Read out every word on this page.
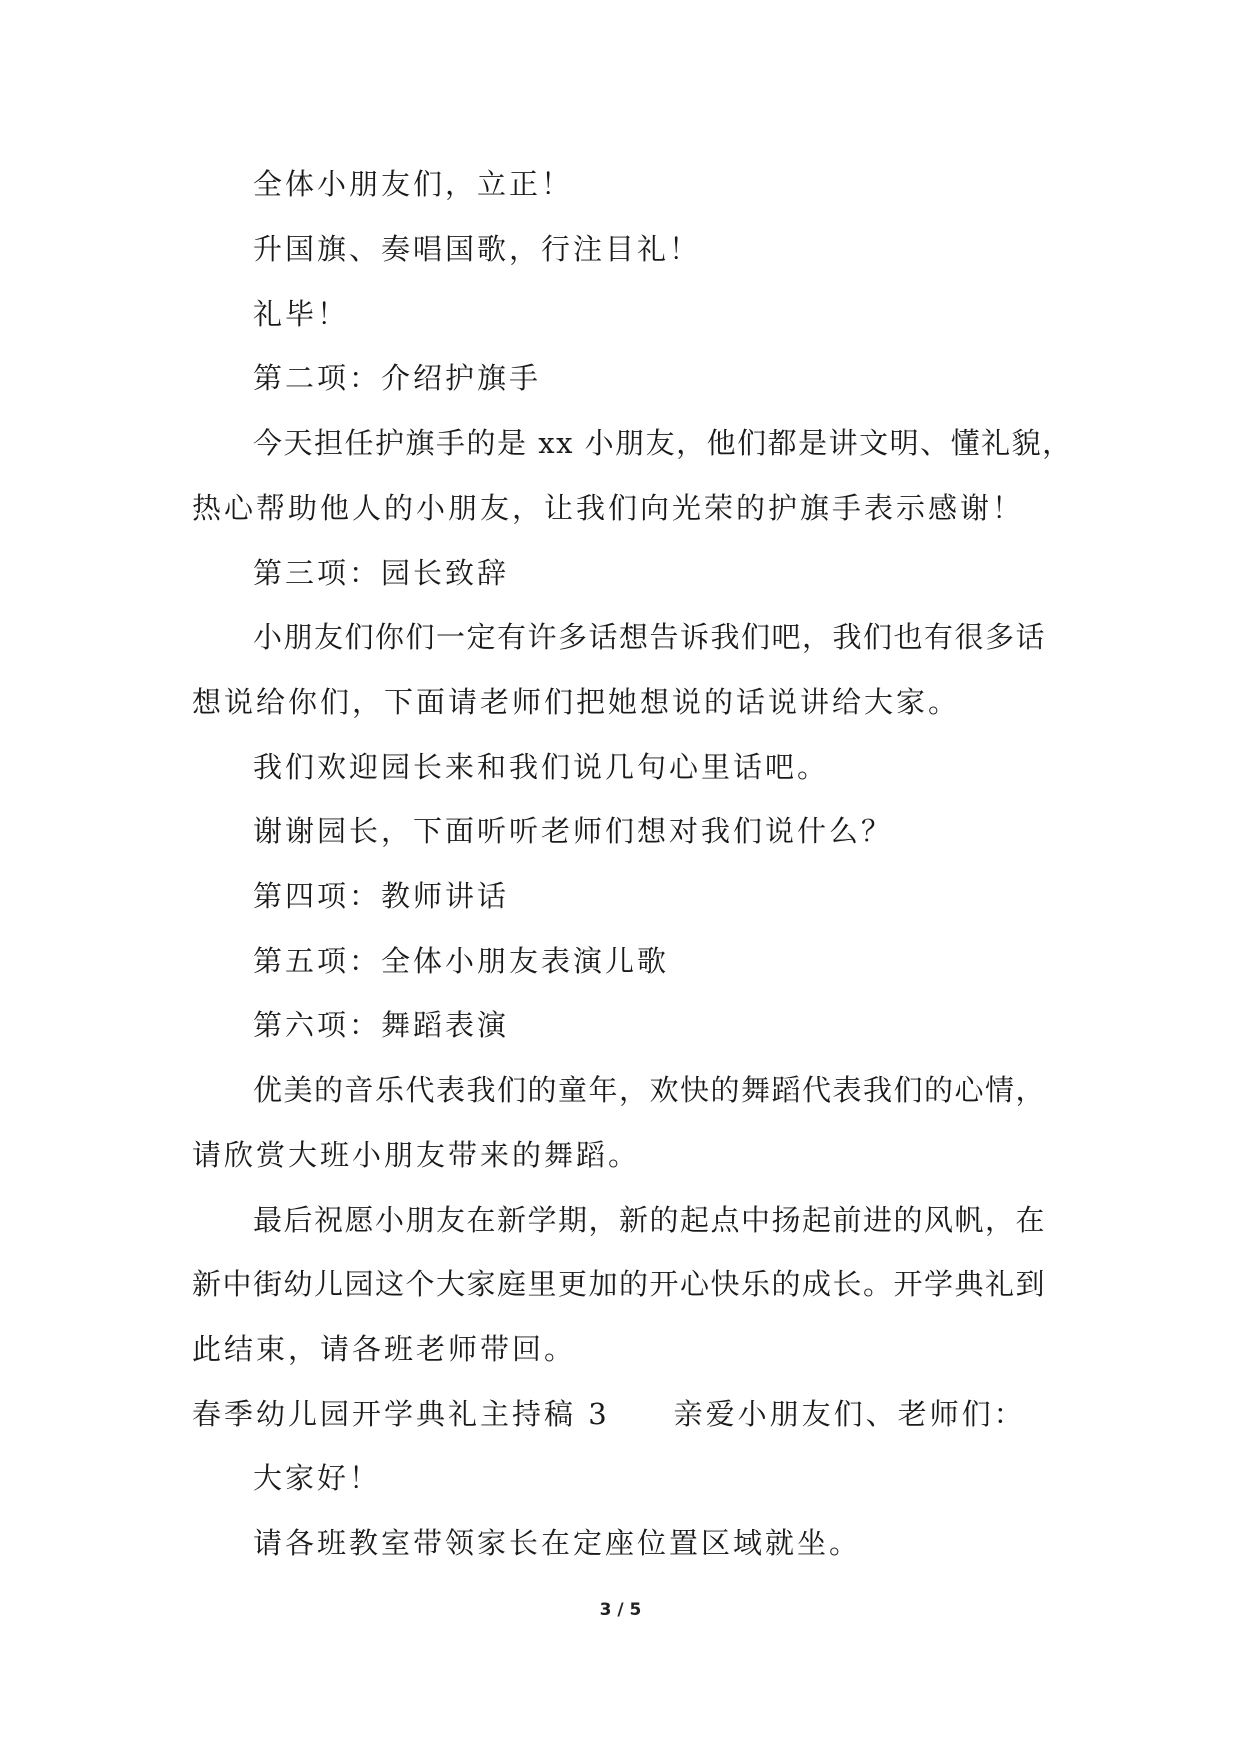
全体小朋友们，立正！
升国旗、奏唱国歌，行注目礼！
礼毕！
第二项：介绍护旗手
今天担任护旗手的是 xx 小朋友，他们都是讲文明、懂礼貌，
热心帮助他人的小朋友，让我们向光荣的护旗手表示感谢！
第三项：园长致辞
小朋友们你们一定有许多话想告诉我们吧，我们也有很多话
想说给你们，下面请老师们把她想说的话说讲给大家。
我们欢迎园长来和我们说几句心里话吧。
谢谢园长，下面听听老师们想对我们说什么？
第四项：教师讲话
第五项：全体小朋友表演儿歌
第六项：舞蹈表演
优美的音乐代表我们的童年，欢快的舞蹈代表我们的心情，
请欣赏大班小朋友带来的舞蹈。
最后祝愿小朋友在新学期，新的起点中扬起前进的风帆，在
新中街幼儿园这个大家庭里更加的开心快乐的成长。开学典礼到
此结束，请各班老师带回。
春季幼儿园开学典礼主持稿 3　　亲爱小朋友们、老师们：
大家好！
请各班教室带领家长在定座位置区域就坐。
3 / 5
